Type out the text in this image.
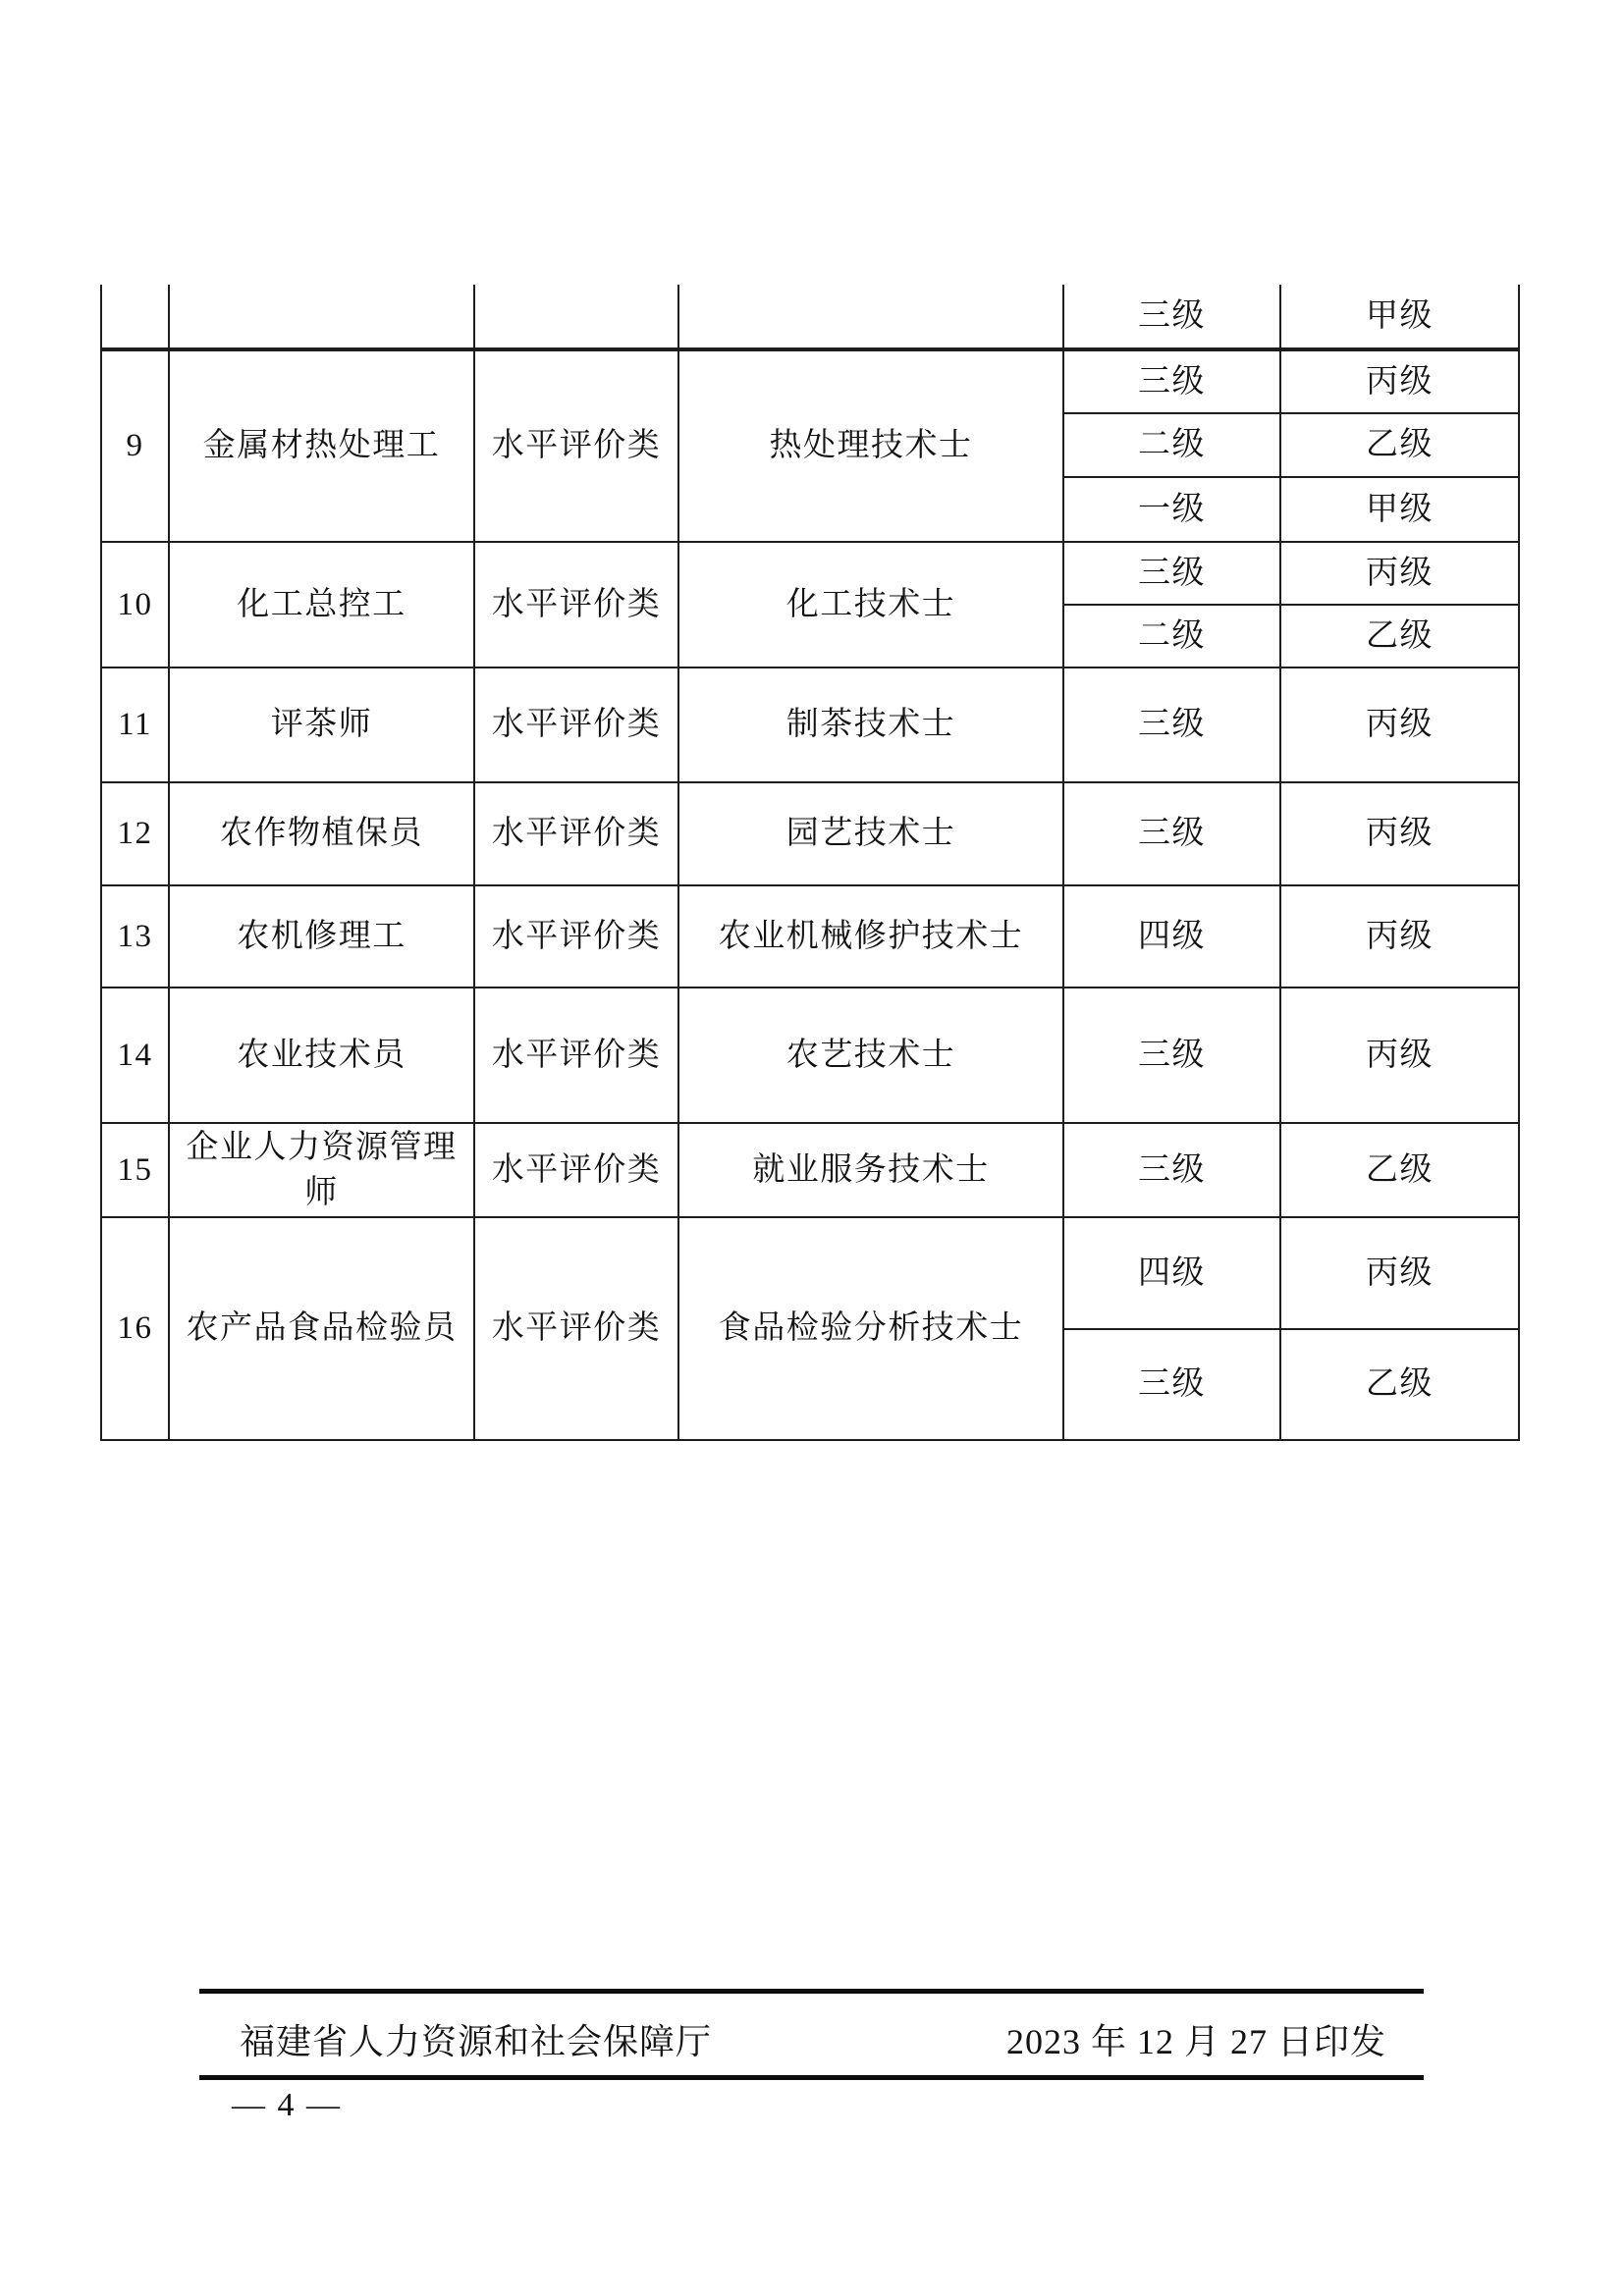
				三级	甲级
9	金属材热处理工	水平评价类	热处理技术士	三级	丙级
				二级	乙级
				一级	甲级
10	化工总控工	水平评价类	化工技术士	三级	丙级
				二级	乙级
11	评茶师	水平评价类	制茶技术士	三级	丙级
12	农作物植保员	水平评价类	园艺技术士	三级	丙级
13	农机修理工	水平评价类	农业机械修护技术士	四级	丙级
14	农业技术员	水平评价类	农艺技术士	三级	丙级
15	企业人力资源管理师	水平评价类	就业服务技术士	三级	乙级
16	农产品食品检验员	水平评价类	食品检验分析技术士	四级	丙级
				三级	乙级
福建省人力资源和社会保障厅	2023 年 12 月 27 日印发
— 4 —
